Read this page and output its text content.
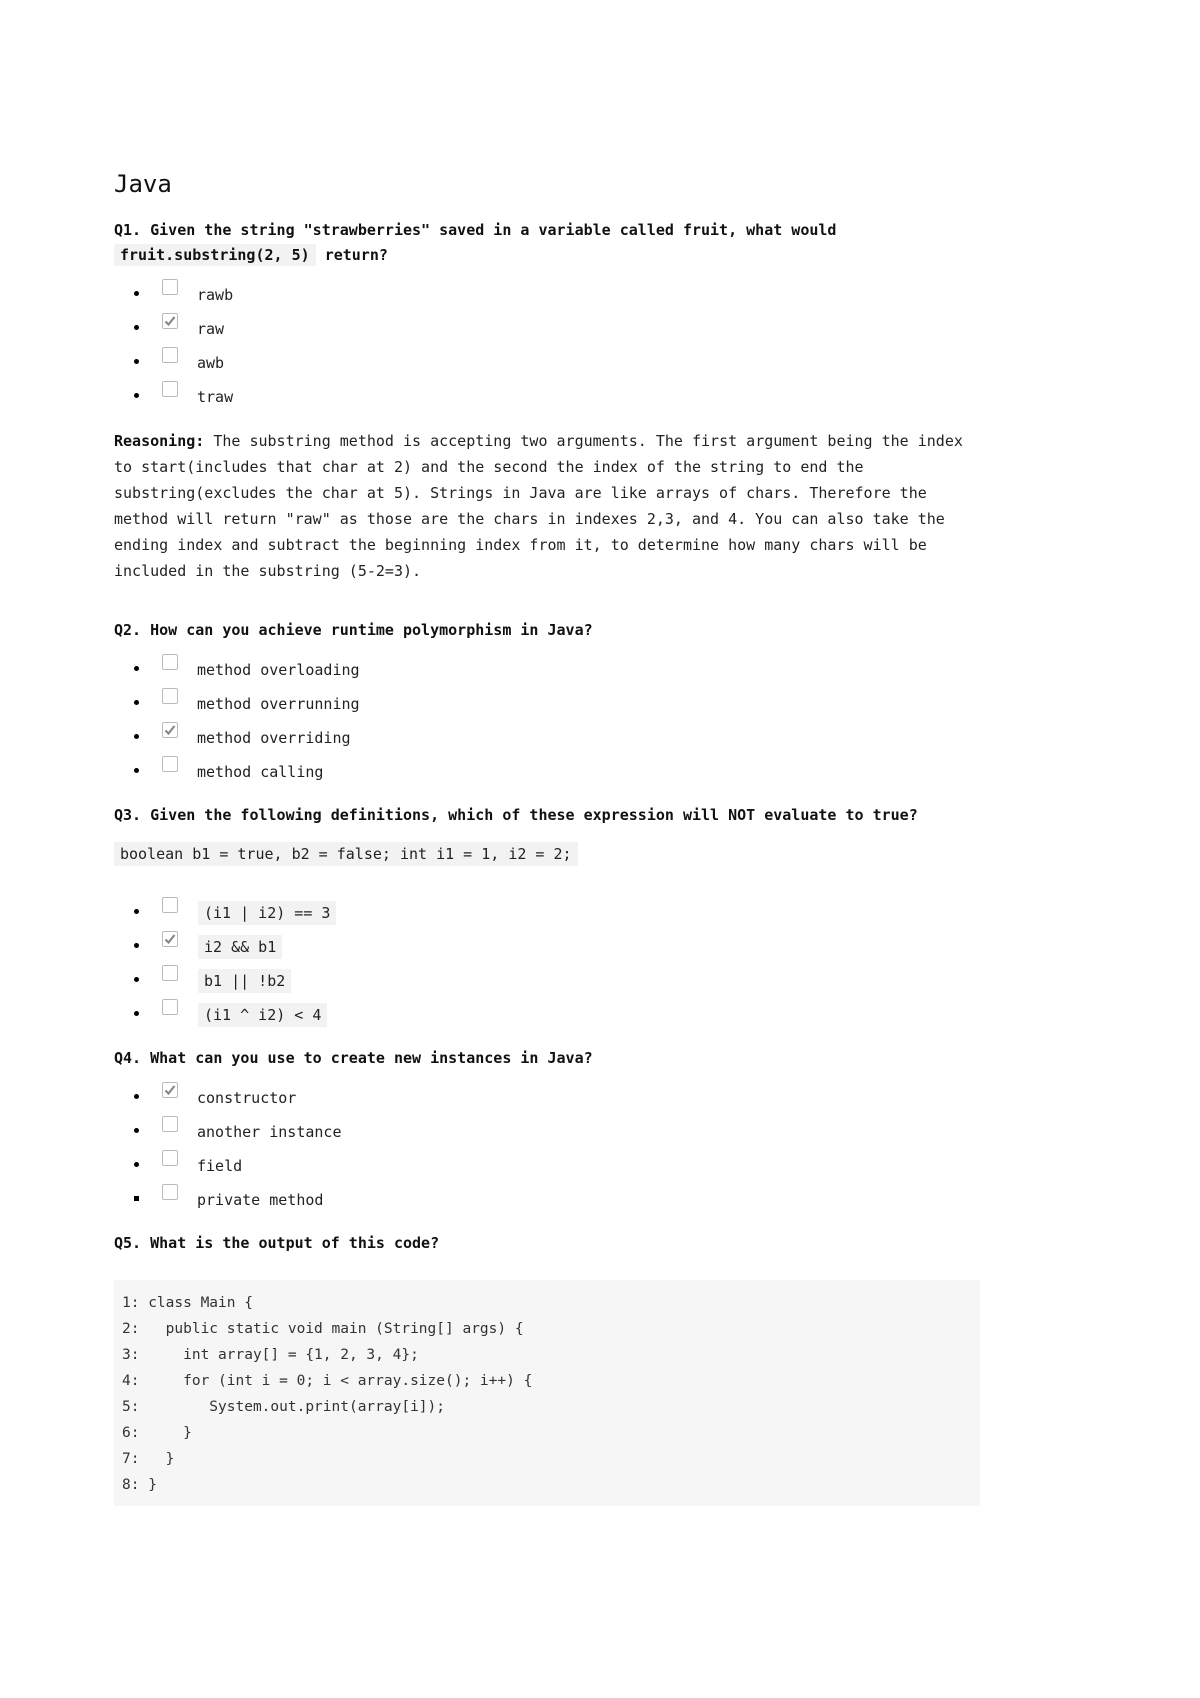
Java
Q1. Given the string "strawberries" saved in a variable called fruit, what would
fruit.substring(2, 5) return?
rawb
raw
awb
traw
Reasoning: The substring method is accepting two arguments. The first argument being the index to start(includes that char at 2) and the second the index of the string to end the substring(excludes the char at 5). Strings in Java are like arrays of chars. Therefore the method will return "raw" as those are the chars in indexes 2,3, and 4. You can also take the ending index and subtract the beginning index from it, to determine how many chars will be included in the substring (5-2=3).
Q2. How can you achieve runtime polymorphism in Java?
method overloading
method overrunning
method overriding
method calling
Q3. Given the following definitions, which of these expression will NOT evaluate to true?
boolean b1 = true, b2 = false; int i1 = 1, i2 = 2;
(i1 | i2) == 3
i2 && b1
b1 || !b2
(i1 ^ i2) < 4
Q4. What can you use to create new instances in Java?
constructor
another instance
field
private method
Q5. What is the output of this code?
1: class Main {
2:   public static void main (String[] args) {
3:     int array[] = {1, 2, 3, 4};
4:     for (int i = 0; i < array.size(); i++) {
5:        System.out.print(array[i]);
6:     }
7:   }
8: }
